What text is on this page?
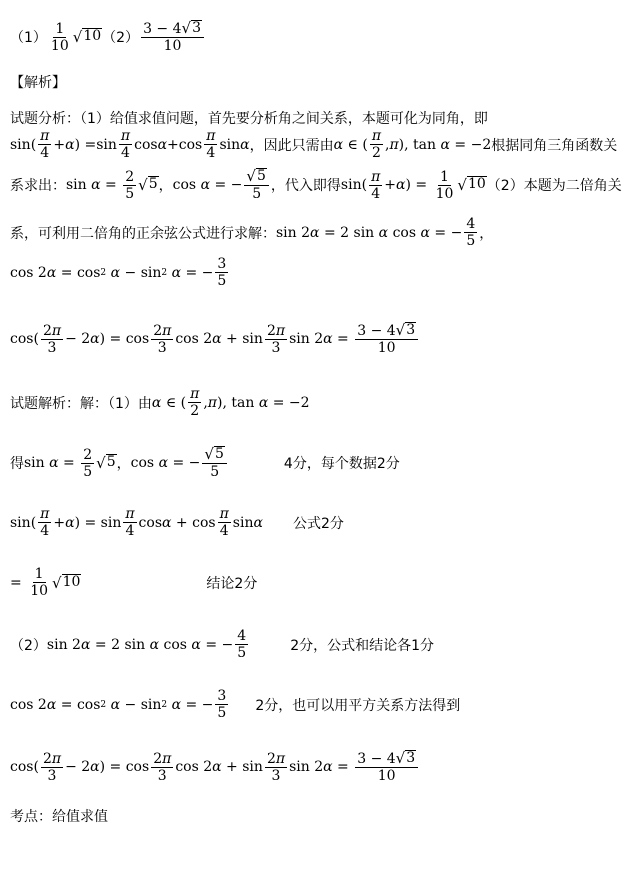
$(1) \frac{1}{10}$ √ 10 $(2) \frac{3 - 4 √ 3}{10}$
【解析】
试题分析：（1）给值求值问题，首先要分析角之间关系，本题可化为同角，即
sin ( $\frac{\pi}{4} + \alpha$ ) = $\sin \frac{\pi}{4}$ $\cos \alpha + \cos \frac{\pi}{4}$ sin α ，因此只需由 α ∈ ( $\frac{\pi}{2}$ , π ), tan
α = −2 根据同角三角函数关
系求出： sin
$\alpha = \frac{2}{5}$ √ 5 ， cos
α = − $\frac{√ 5}{5}$ ，代入即得 sin ( $\frac{\pi}{4} + \alpha$ ) = $\frac{1}{10}$ √ 10 （2）本题为二倍角关
系，可利用二倍角的正余弦公式进行求解： sin 2 α = 2 sin
α
cos
α = − $\frac{4}{5}$ ，
cos 2 α = cos 2
α − sin 2
α = − $\frac{3}{5}$
cos ( $\frac{2\pi}{3} - 2$ α ) = $\cos \frac{2\pi}{3}$ cos 2 $\alpha + \sin \frac{2\pi}{3}$ sin 2 $\alpha = \frac{3 - 4 √ 3}{10}$
试题解析：解：（1）由 α ∈ ( $\frac{\pi}{2}$ , π ), tan
α = −2
得 sin
$\alpha = \frac{2}{5}$ √ 5 ， cos
α = − $\frac{√ 5}{5}$	4分，每个数据2分
sin ( $\frac{\pi}{4} + \alpha$ ) = $\sin \frac{\pi}{4}$ $\cos \alpha + \cos \frac{\pi}{4}$ sin α 公式2分
= $\frac{1}{10}$ √ 10	结论2分
（2） sin 2 α = 2 sin
α
cos
α = − $\frac{4}{5}$	2分，公式和结论各1分
cos 2 α = cos 2
α − sin 2
α = − $\frac{3}{5} 2$分，也可以用平方关系方法得到
cos ( $\frac{2\pi}{3} - 2$ α ) = $\cos \frac{2\pi}{3}$ cos 2 $\alpha + \sin \frac{2\pi}{3}$ sin 2 $\alpha = \frac{3 - 4 √ 3}{10}$
考点：给值求值
